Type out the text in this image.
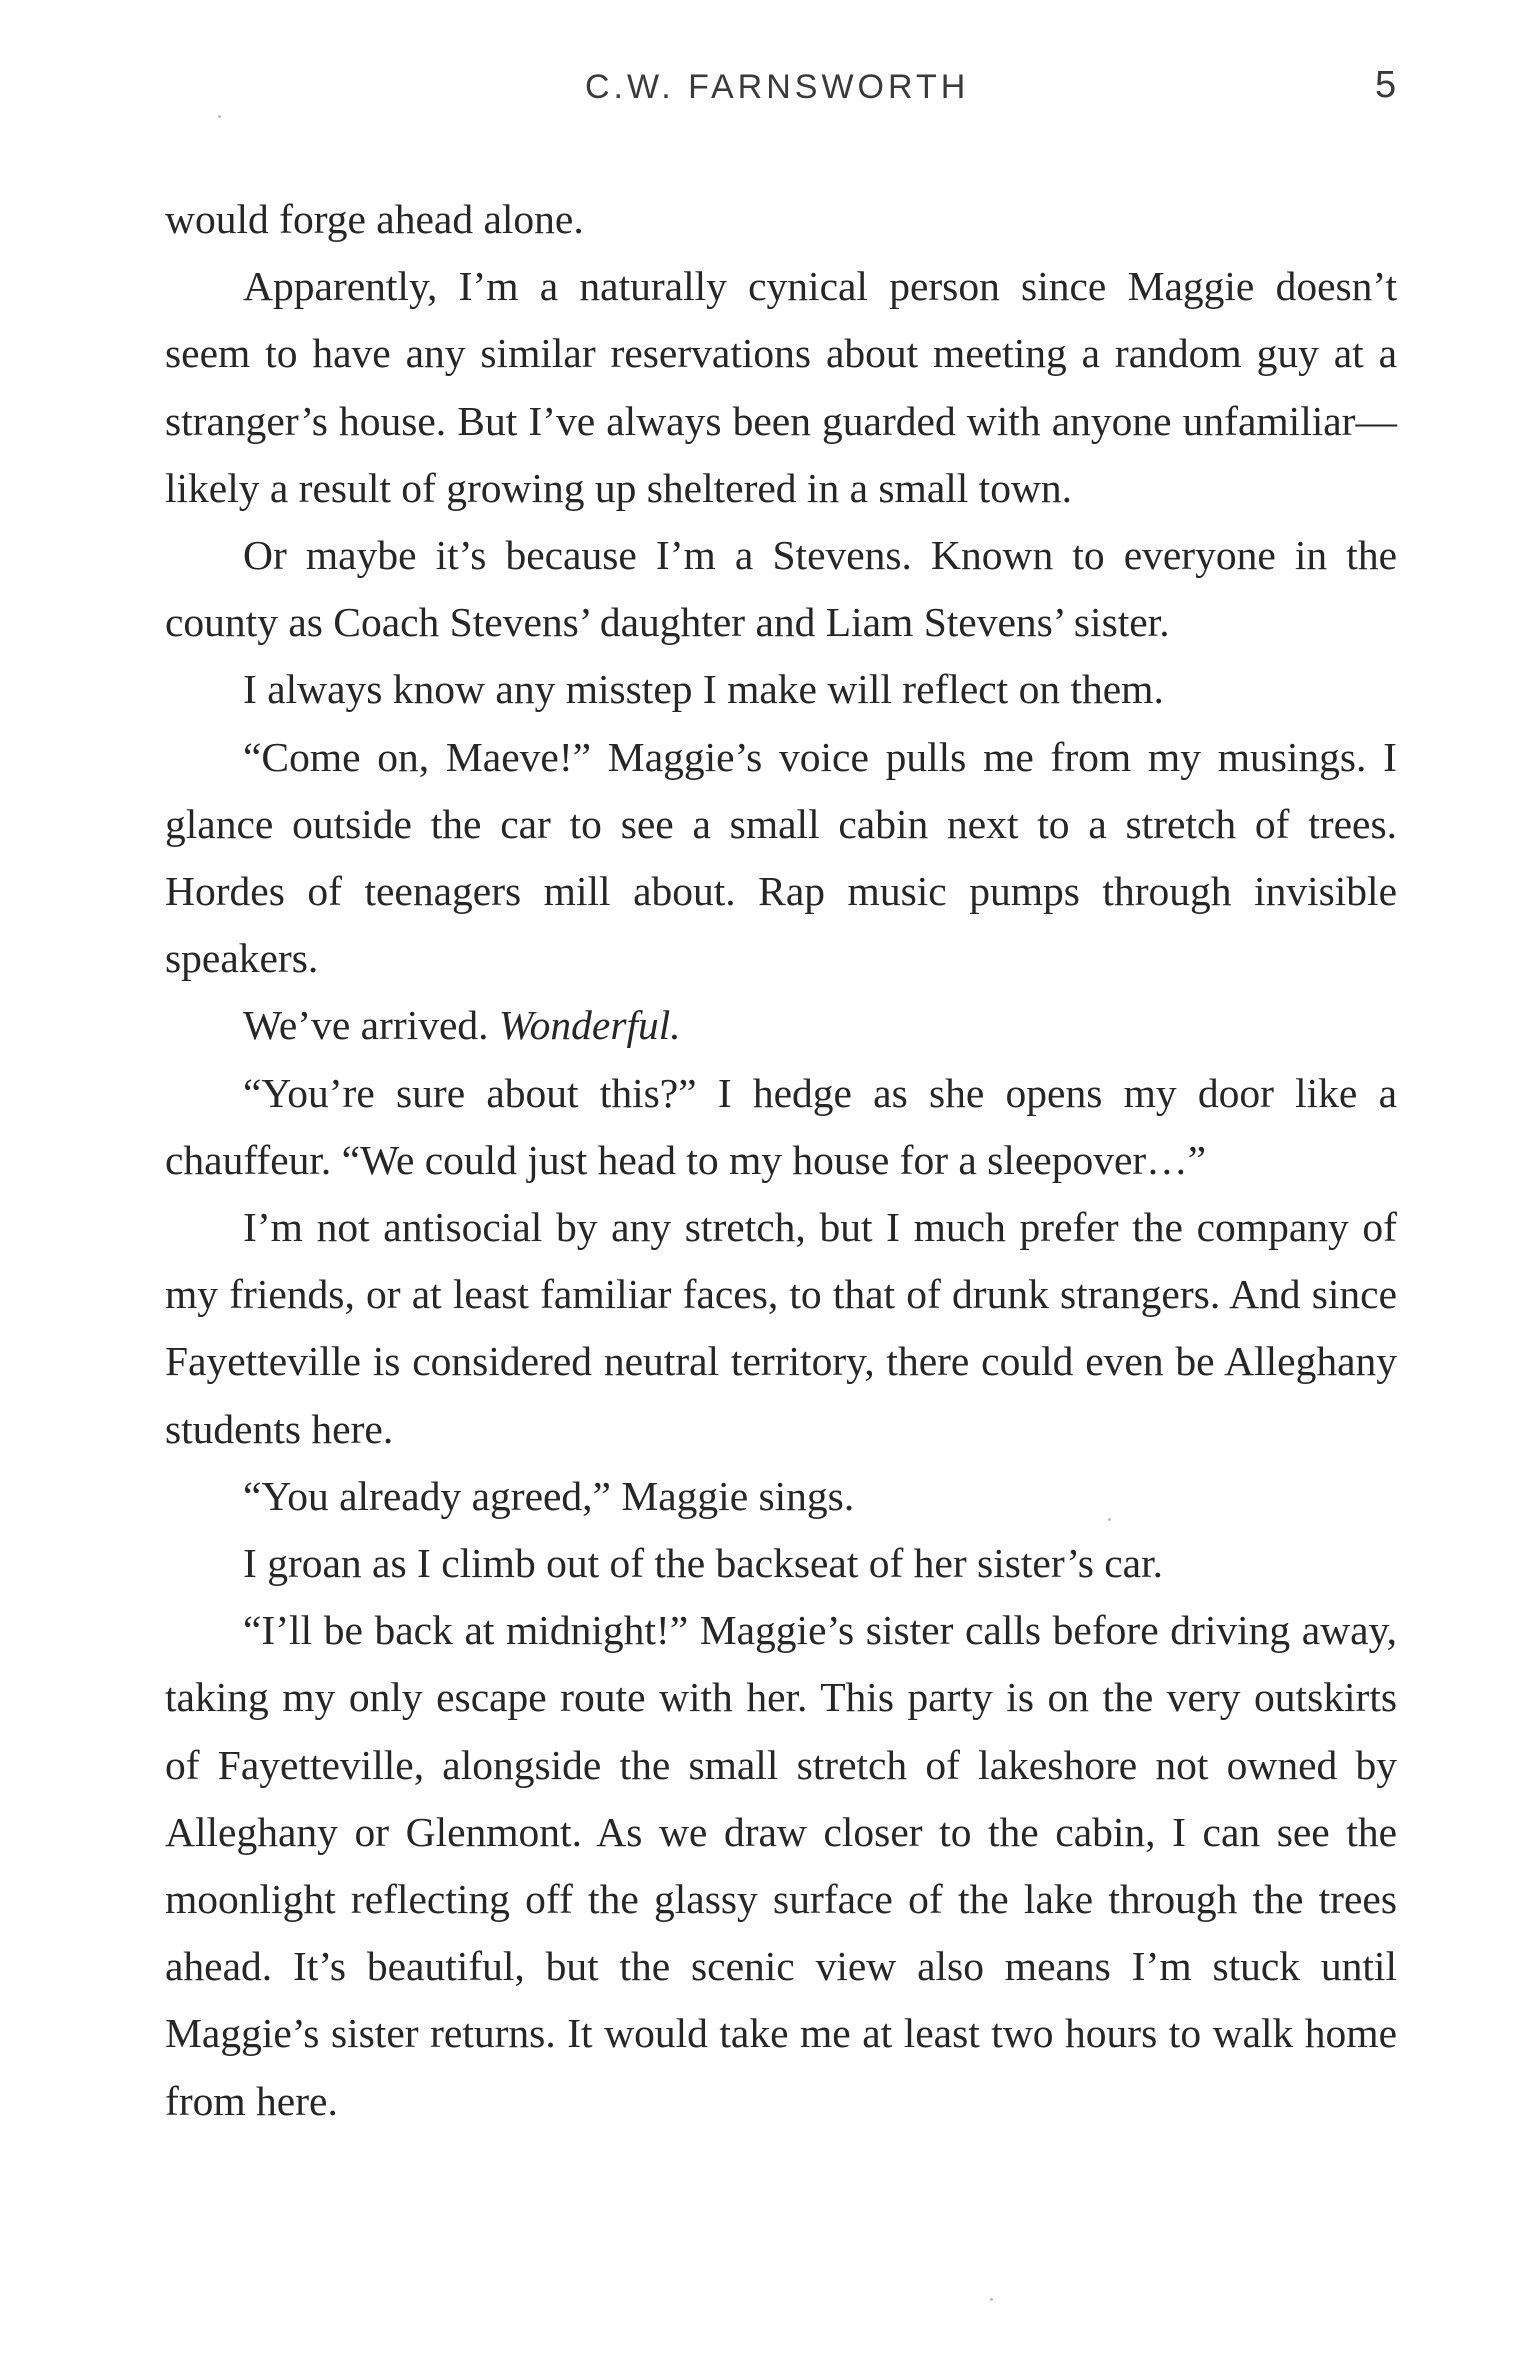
C.W. FARNSWORTH	5

would forge ahead alone.

Apparently, I’m a naturally cynical person since Maggie doesn’t seem to have any similar reservations about meeting a random guy at a stranger’s house. But I’ve always been guarded with anyone unfamiliar—likely a result of growing up sheltered in a small town.

Or maybe it’s because I’m a Stevens. Known to everyone in the county as Coach Stevens’ daughter and Liam Stevens’ sister.

I always know any misstep I make will reflect on them.

“Come on, Maeve!” Maggie’s voice pulls me from my musings. I glance outside the car to see a small cabin next to a stretch of trees. Hordes of teenagers mill about. Rap music pumps through invisible speakers.

We’ve arrived. Wonderful.

“You’re sure about this?” I hedge as she opens my door like a chauffeur. “We could just head to my house for a sleepover…”

I’m not antisocial by any stretch, but I much prefer the company of my friends, or at least familiar faces, to that of drunk strangers. And since Fayetteville is considered neutral territory, there could even be Alleghany students here.

“You already agreed,” Maggie sings.

I groan as I climb out of the backseat of her sister’s car.

“I’ll be back at midnight!” Maggie’s sister calls before driving away, taking my only escape route with her. This party is on the very outskirts of Fayetteville, alongside the small stretch of lakeshore not owned by Alleghany or Glenmont. As we draw closer to the cabin, I can see the moonlight reflecting off the glassy surface of the lake through the trees ahead. It’s beautiful, but the scenic view also means I’m stuck until Maggie’s sister returns. It would take me at least two hours to walk home from here.
